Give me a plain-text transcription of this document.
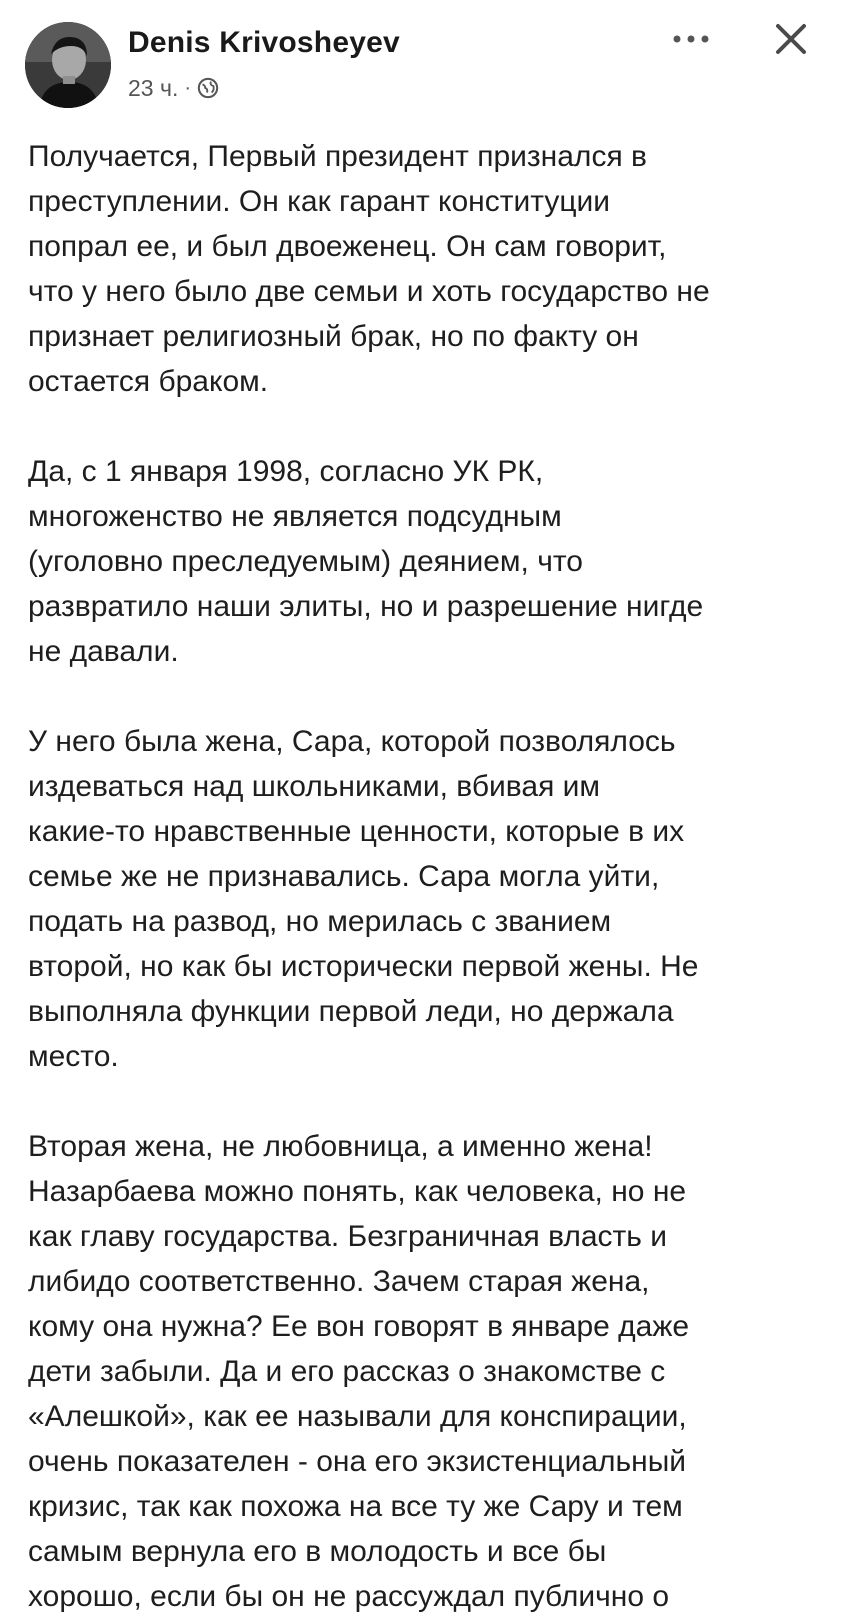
Denis Krivosheyev
23 ч. ·

Получается, Первый президент признался в
преступлении. Он как гарант конституции
попрал ее, и был двоеженец. Он сам говорит,
что у него было две семьи и хоть государство не
признает религиозный брак, но по факту он
остается браком.

Да, с 1 января 1998, согласно УК РК,
многоженство не является подсудным
(уголовно преследуемым) деянием, что
развратило наши элиты, но и разрешение нигде
не давали.

У него была жена, Сара, которой позволялось
издеваться над школьниками, вбивая им
какие-то нравственные ценности, которые в их
семье же не признавались. Сара могла уйти,
подать на развод, но мерилась с званием
второй, но как бы исторически первой жены. Не
выполняла функции первой леди, но держала
место.

Вторая жена, не любовница, а именно жена!
Назарбаева можно понять, как человека, но не
как главу государства. Безграничная власть и
либидо соответственно. Зачем старая жена,
кому она нужна? Ее вон говорят в январе даже
дети забыли. Да и его рассказ о знакомстве с
«Алешкой», как ее называли для конспирации,
очень показателен - она его экзистенциальный
кризис, так как похожа на все ту же Сару и тем
самым вернула его в молодость и все бы
хорошо, если бы он не рассуждал публично о
